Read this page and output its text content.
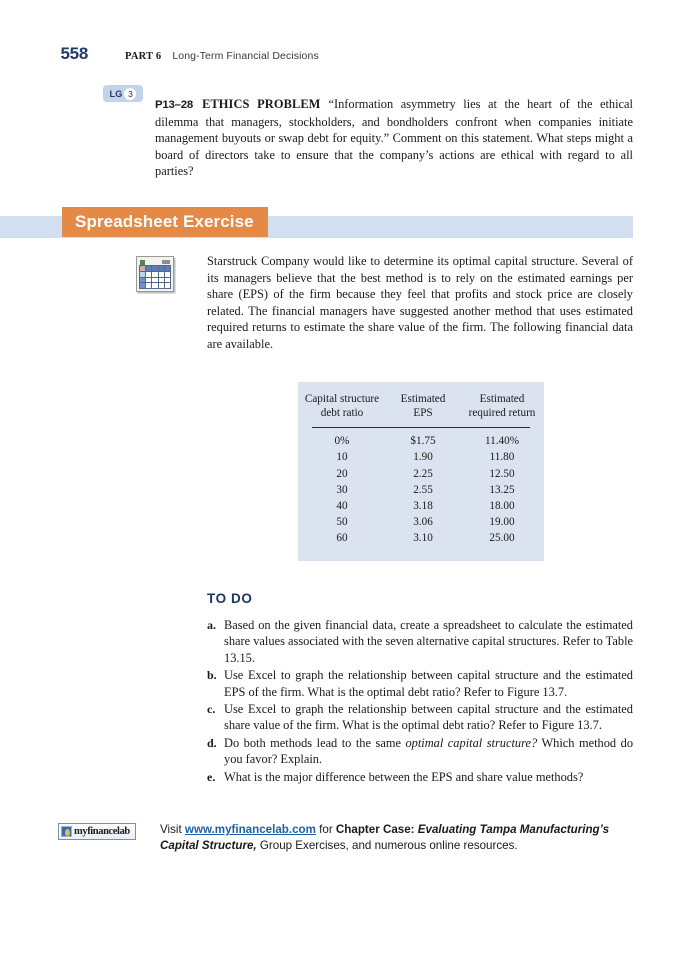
558	PART 6 Long-Term Financial Decisions
LG 3

P13–28 ETHICS PROBLEM “Information asymmetry lies at the heart of the ethical dilemma that managers, stockholders, and bondholders confront when companies initiate management buyouts or swap debt for equity.” Comment on this statement. What steps might a board of directors take to ensure that the company’s actions are ethical with regard to all parties?

Spreadsheet Exercise

Starstruck Company would like to determine its optimal capital structure. Several of its managers believe that the best method is to rely on the estimated earnings per share (EPS) of the firm because they feel that profits and stock price are closely related. The financial managers have suggested another method that uses estimated required returns to estimate the share value of the firm. The following financial data are available.
Capital structure	Estimated	Estimated
debt ratio	EPS	required return
0%	$1.75	11.40%
10	1.90	11.80
20	2.25	12.50
30	2.55	13.25
40	3.18	18.00
50	3.06	19.00
60	3.10	25.00
TO DO
a. Based on the given financial data, create a spreadsheet to calculate the estimated share values associated with the seven alternative capital structures. Refer to Table 13.15.
b. Use Excel to graph the relationship between capital structure and the estimated EPS of the firm. What is the optimal debt ratio? Refer to Figure 13.7.
c. Use Excel to graph the relationship between capital structure and the estimated share value of the firm. What is the optimal debt ratio? Refer to Figure 13.7.
d. Do both methods lead to the same optimal capital structure? Which method do you favor? Explain.
e. What is the major difference between the EPS and share value methods?
myfinancelab	Visit www.myfinancelab.com for Chapter Case: Evaluating Tampa Manufacturing’s Capital Structure, Group Exercises, and numerous online resources.
